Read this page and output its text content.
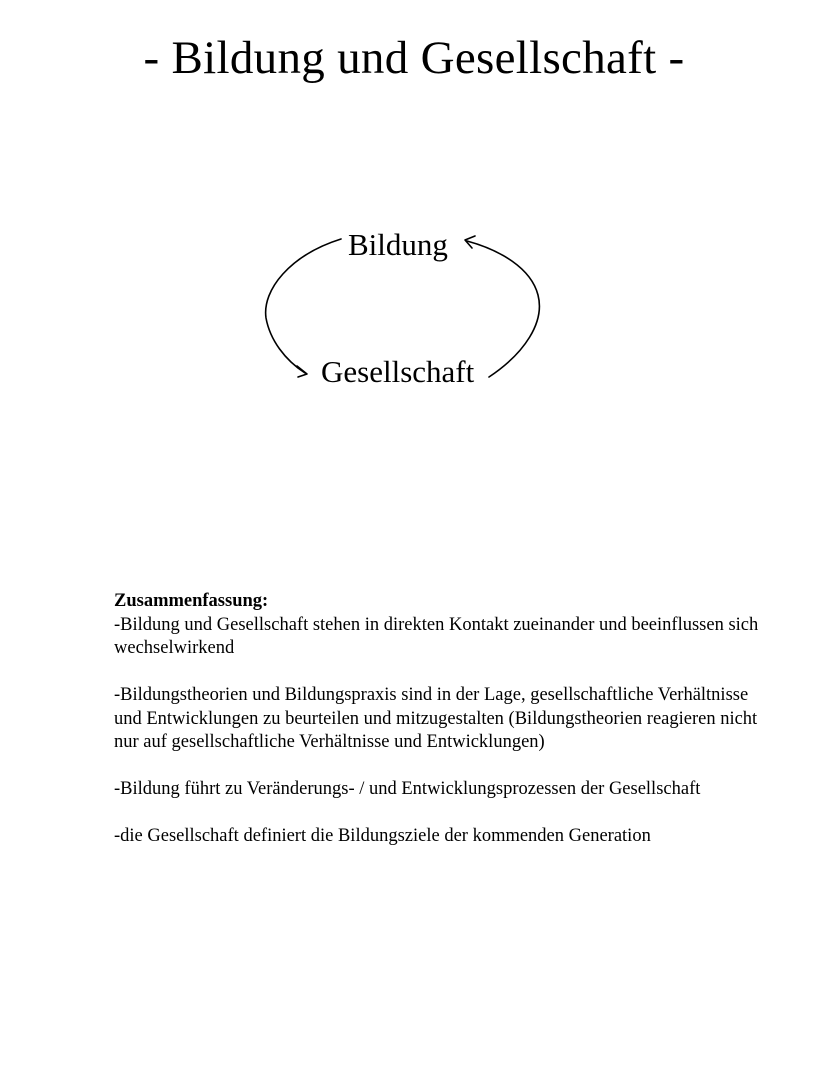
- Bildung und Gesellschaft -
Bildung
Gesellschaft
Zusammenfassung:

-Bildung und Gesellschaft stehen in direkten Kontakt zueinander und beeinflussen sich wechselwirkend

-Bildungstheorien und Bildungspraxis sind in der Lage, gesellschaftliche Verhältnisse und Entwicklungen zu beurteilen und mitzugestalten (Bildungstheorien reagieren nicht nur auf gesellschaftliche Verhältnisse und Entwicklungen)

-Bildung führt zu Veränderungs- / und Entwicklungsprozessen der Gesellschaft

-die Gesellschaft definiert die Bildungsziele der kommenden Generation
